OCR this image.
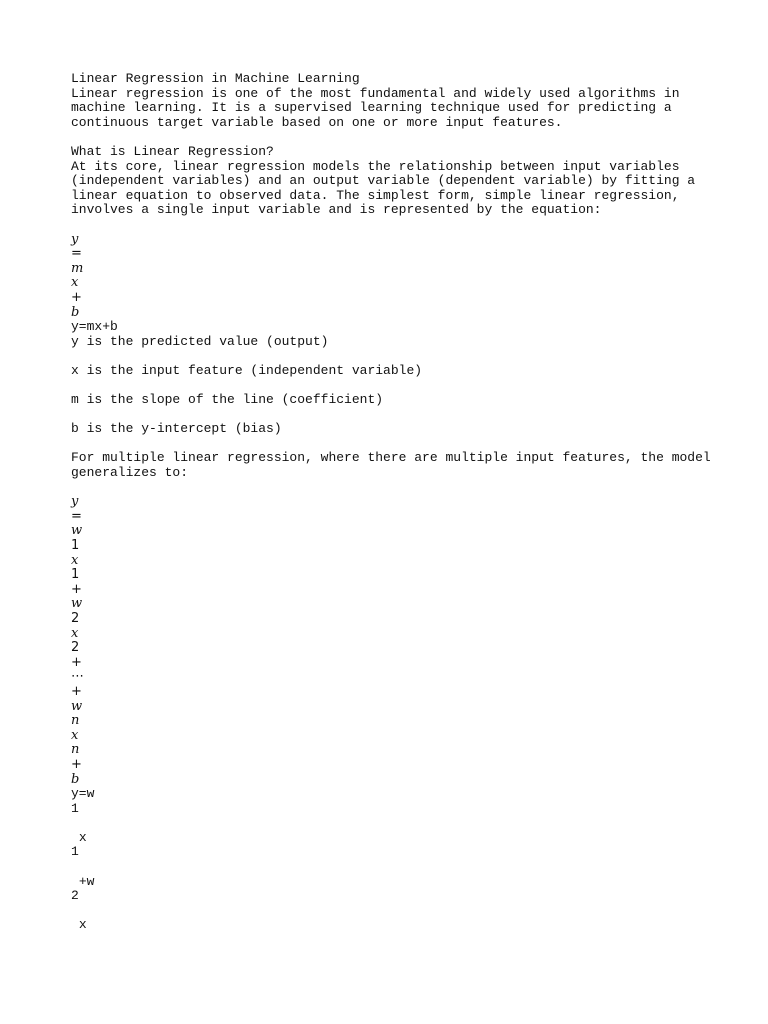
Linear Regression in Machine Learning

Linear regression is one of the most fundamental and widely used algorithms in
machine learning. It is a supervised learning technique used for predicting a
continuous target variable based on one or more input features.

What is Linear Regression?

At its core, linear regression models the relationship between input variables
(independent variables) and an output variable (dependent variable) by fitting a
linear equation to observed data. The simplest form, simple linear regression,
involves a single input variable and is represented by the equation:

y

=

m

x

+

b

y=mx+b

y is the predicted value (output)

x is the input feature (independent variable)

m is the slope of the line (coefficient)

b is the y-intercept (bias)

For multiple linear regression, where there are multiple input features, the model
generalizes to:

y

=

w

1

x

1

+

w

2

x

2

+

⋯

+

w

n

x

n

+

b

y=w

1

x

1

+w

2

x
